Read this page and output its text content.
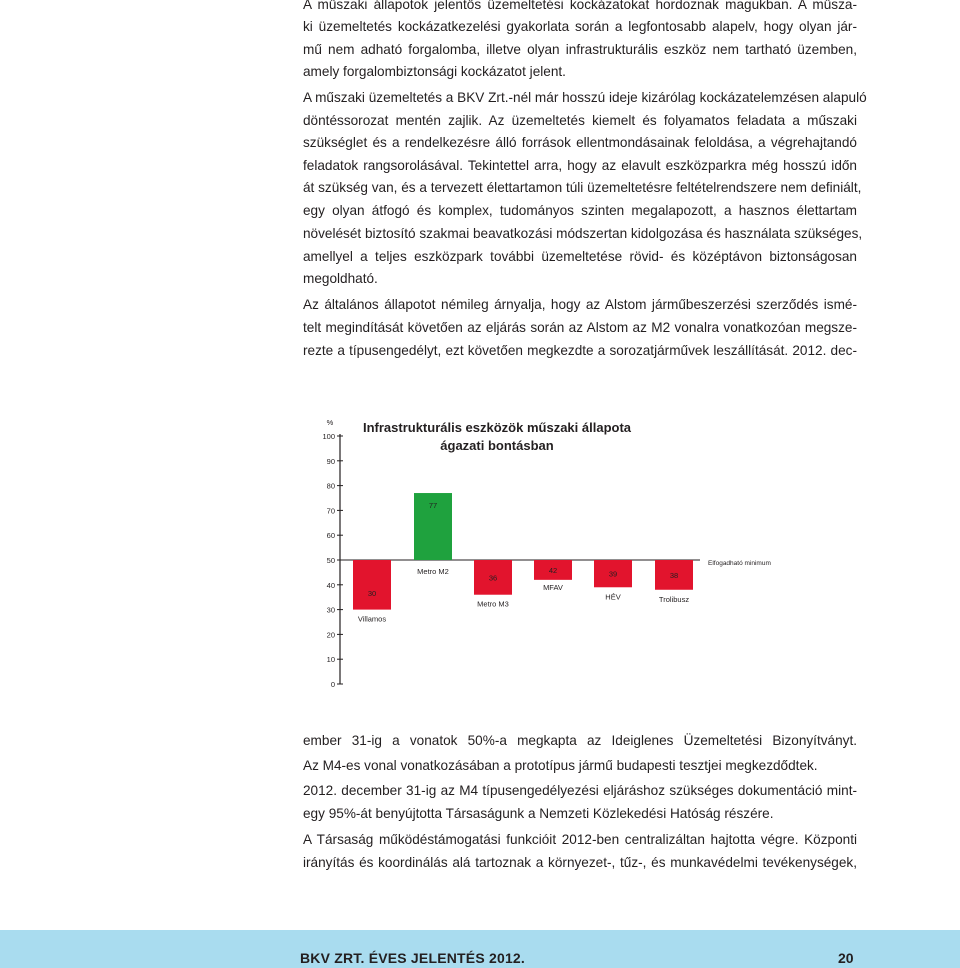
A műszaki állapotok jelentős üzemeltetési kockázatokat hordoznak magukban. A műsza-
ki üzemeltetés kockázatkezelési gyakorlata során a legfontosabb alapelv, hogy olyan jár-
mű nem adható forgalomba, illetve olyan infrastrukturális eszköz nem tartható üzemben,
amely forgalombiztonsági kockázatot jelent.
A műszaki üzemeltetés a BKV Zrt.-nél már hosszú ideje kizárólag kockázatelemzésen alapuló
döntéssorozat mentén zajlik. Az üzemeltetés kiemelt és folyamatos feladata a műszaki
szükséglet és a rendelkezésre álló források ellentmondásainak feloldása, a végrehajtandó
feladatok rangsorolásával. Tekintettel arra, hogy az elavult eszközparkra még hosszú időn
át szükség van, és a tervezett élettartamon túli üzemeltetésre feltételrendszere nem definiált,
egy olyan átfogó és komplex, tudományos szinten megalapozott, a hasznos élettartam
növelését biztosító szakmai beavatkozási módszertan kidolgozása és használata szükséges,
amellyel a teljes eszközpark további üzemeltetése rövid- és középtávon biztonságosan
megoldható.
Az általános állapotot némileg árnyalja, hogy az Alstom járműbeszerzési szerződés ismé-
telt megindítását követően az eljárás során az Alstom az M2 vonalra vonatkozóan megsze-
rezte a típusengedélyt, ezt követően megkezdte a sorozatjárművek leszállítását. 2012. dec-
Infrastrukturális eszközök műszaki állapota
ágazati bontásban
%
100
90
80
70
60
50
40
30
20
10
0
Elfogadható minimum
30
Villamos
77
Metro M2
36
Metro M3
42
MFAV
39
HÉV
38
Trolibusz
ember 31-ig a vonatok 50%-a megkapta az Ideiglenes Üzemeltetési Bizonyítványt.
Az M4-es vonal vonatkozásában a prototípus jármű budapesti tesztjei megkezdődtek.
2012. december 31-ig az M4 típusengedélyezési eljáráshoz szükséges dokumentáció mint-
egy 95%-át benyújtotta Társaságunk a Nemzeti Közlekedési Hatóság részére.
A Társaság működéstámogatási funkcióit 2012-ben centralizáltan hajtotta végre. Központi
irányítás és koordinálás alá tartoznak a környezet-, tűz-, és munkavédelmi tevékenységek,
BKV ZRT. ÉVES JELENTÉS 2012.	20
